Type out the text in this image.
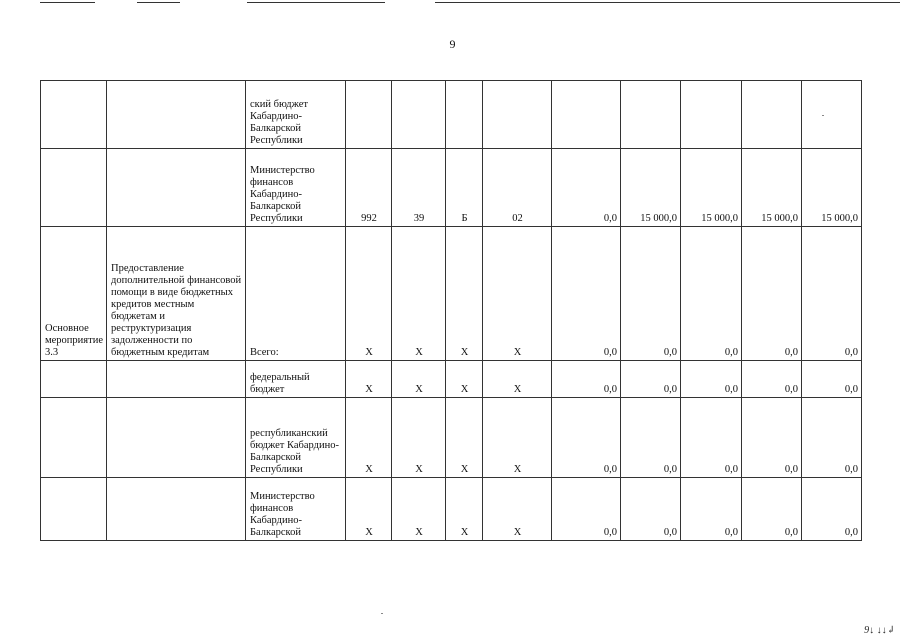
9
		ский бюджет Кабардино-Балкарской Республики									
		Министерство финансов Кабардино-Балкарской Республики	992	39	Б	02	0,0	15 000,0	15 000,0	15 000,0	15 000,0
Основное мероприятие 3.3	Предоставление дополнительной финансовой помощи в виде бюджетных кредитов местным бюджетам и реструктуризация задолженности по бюджетным кредитам	Всего:	Х	Х	Х	Х	0,0	0,0	0,0	0,0	0,0
		федеральный бюджет	Х	Х	Х	Х	0,0	0,0	0,0	0,0	0,0
		республиканский бюджет Кабардино-Балкарской Республики	Х	Х	Х	Х	0,0	0,0	0,0	0,0	0,0
		Министерство финансов Кабардино-Балкарской	Х	Х	Х	Х	0,0	0,0	0,0	0,0	0,0
9↓ ↓↓↲
